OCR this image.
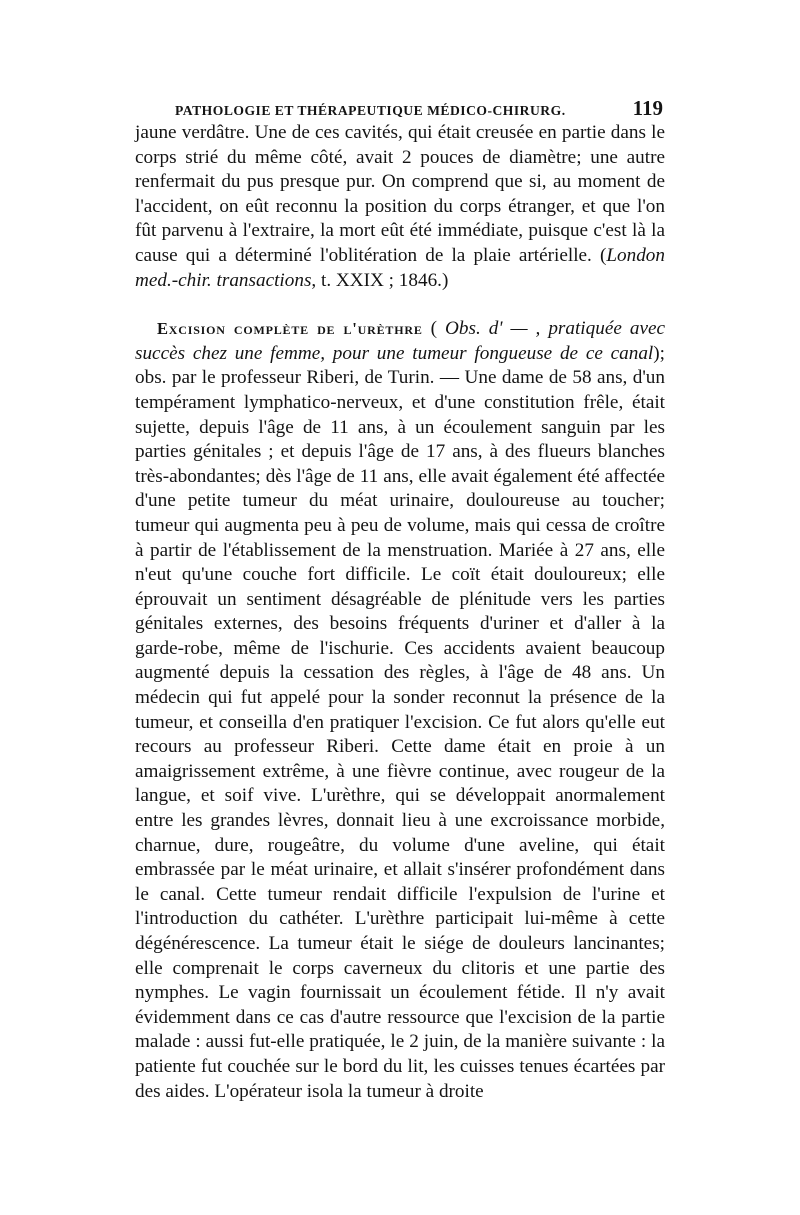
PATHOLOGIE ET THÉRAPEUTIQUE MÉDICO-CHIRURG.	119

jaune verdâtre. Une de ces cavités, qui était creusée en partie dans le corps strié du même côté, avait 2 pouces de diamètre; une autre renfermait du pus presque pur. On comprend que si, au moment de l'accident, on eût reconnu la position du corps étranger, et que l'on fût parvenu à l'extraire, la mort eût été immédiate, puisque c'est là la cause qui a déterminé l'oblitération de la plaie artérielle. (London med.-chir. transactions, t. XXIX ; 1846.)

Excision complète de l'urèthre ( Obs. d' — , pratiquée avec succès chez une femme, pour une tumeur fongueuse de ce canal); obs. par le professeur Riberi, de Turin. — Une dame de 58 ans, d'un tempérament lymphatico-nerveux, et d'une constitution frêle, était sujette, depuis l'âge de 11 ans, à un écoulement sanguin par les parties génitales ; et depuis l'âge de 17 ans, à des flueurs blanches très-abondantes; dès l'âge de 11 ans, elle avait également été affectée d'une petite tumeur du méat urinaire, douloureuse au toucher; tumeur qui augmenta peu à peu de volume, mais qui cessa de croître à partir de l'établissement de la menstruation. Mariée à 27 ans, elle n'eut qu'une couche fort difficile. Le coït était douloureux; elle éprouvait un sentiment désagréable de plénitude vers les parties génitales externes, des besoins fréquents d'uriner et d'aller à la garde-robe, même de l'ischurie. Ces accidents avaient beaucoup augmenté depuis la cessation des règles, à l'âge de 48 ans. Un médecin qui fut appelé pour la sonder reconnut la présence de la tumeur, et conseilla d'en pratiquer l'excision. Ce fut alors qu'elle eut recours au professeur Riberi. Cette dame était en proie à un amaigrissement extrême, à une fièvre continue, avec rougeur de la langue, et soif vive. L'urèthre, qui se développait anormalement entre les grandes lèvres, donnait lieu à une excroissance morbide, charnue, dure, rougeâtre, du volume d'une aveline, qui était embrassée par le méat urinaire, et allait s'insérer profondément dans le canal. Cette tumeur rendait difficile l'expulsion de l'urine et l'introduction du cathéter. L'urèthre participait lui-même à cette dégénérescence. La tumeur était le siége de douleurs lancinantes; elle comprenait le corps caverneux du clitoris et une partie des nymphes. Le vagin fournissait un écoulement fétide. Il n'y avait évidemment dans ce cas d'autre ressource que l'excision de la partie malade : aussi fut-elle pratiquée, le 2 juin, de la manière suivante : la patiente fut couchée sur le bord du lit, les cuisses tenues écartées par des aides. L'opérateur isola la tumeur à droite
